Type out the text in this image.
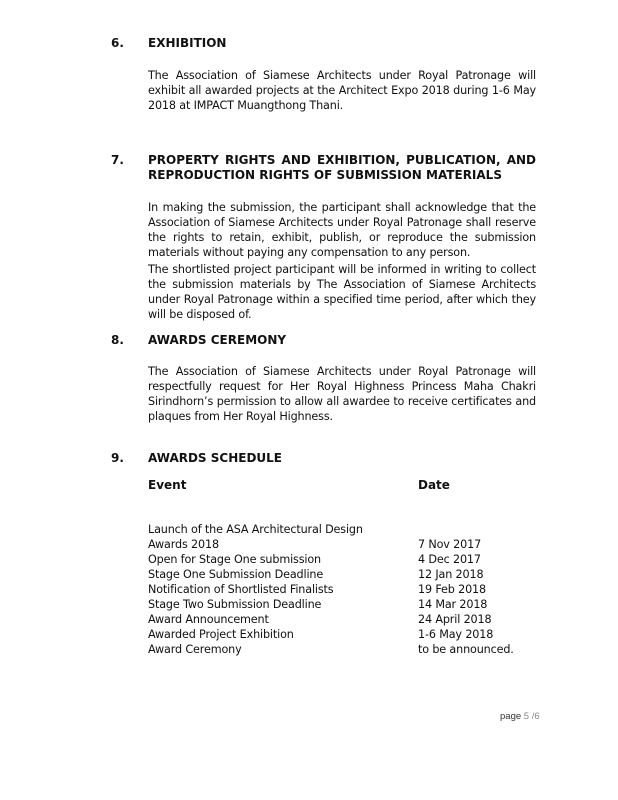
6. EXHIBITION
The Association of Siamese Architects under Royal Patronage will exhibit all awarded projects at the Architect Expo 2018 during 1-6 May 2018 at IMPACT Muangthong Thani.
7. PROPERTY RIGHTS AND EXHIBITION, PUBLICATION, AND
REPRODUCTION RIGHTS OF SUBMISSION MATERIALS
In making the submission, the participant shall acknowledge that the Association of Siamese Architects under Royal Patronage shall reserve the rights to retain, exhibit, publish, or reproduce the submission materials without paying any compensation to any person.
The shortlisted project participant will be informed in writing to collect the submission materials by The Association of Siamese Architects under Royal Patronage within a specified time period, after which they will be disposed of.
8. AWARDS CEREMONY
The Association of Siamese Architects under Royal Patronage will respectfully request for Her Royal Highness Princess Maha Chakri Sirindhorn’s permission to allow all awardee to receive certificates and plaques from Her Royal Highness.
9. AWARDS SCHEDULE
Event	Date
Launch of the ASA Architectural Design
Awards 2018	7 Nov 2017
Open for Stage One submission	4 Dec 2017
Stage One Submission Deadline	12 Jan 2018
Notification of Shortlisted Finalists	19 Feb 2018
Stage Two Submission Deadline	14 Mar 2018
Award Announcement	24 April 2018
Awarded Project Exhibition	1-6 May 2018
Award Ceremony	to be announced.
page 5 /6
